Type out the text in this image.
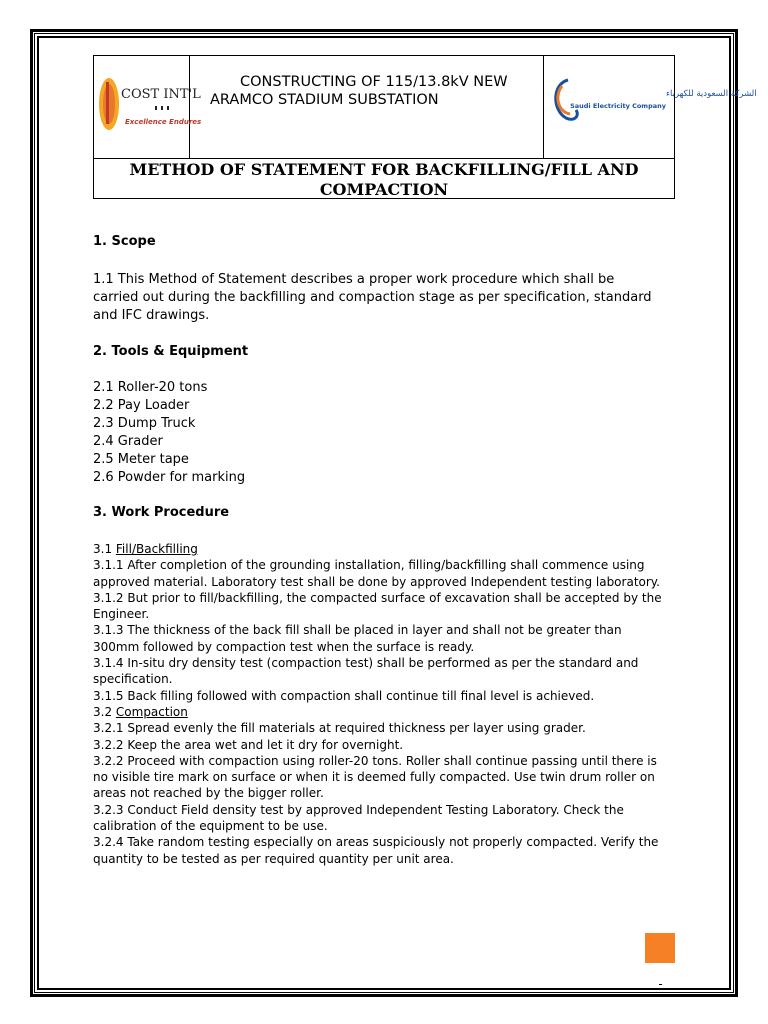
COST INT'L
Excellence Endures
CONSTRUCTING OF 115/13.8kV NEW
ARAMCO STADIUM SUBSTATION	الشركة السعودية للكهرباء
Saudi Electricity Company
METHOD OF STATEMENT FOR BACKFILLING/FILL AND
COMPACTION
1. Scope
1.1 This Method of Statement describes a proper work procedure which shall be carried out during the backfilling and compaction stage as per specification, standard and IFC drawings.
2. Tools & Equipment
2.1 Roller-20 tons
2.2 Pay Loader
2.3 Dump Truck
2.4 Grader
2.5 Meter tape
2.6 Powder for marking
3. Work Procedure
3.1 Fill/Backfilling
3.1.1 After completion of the grounding installation, filling/backfilling shall commence using approved material. Laboratory test shall be done by approved Independent testing laboratory.
3.1.2 But prior to fill/backfilling, the compacted surface of excavation shall be accepted by the Engineer.
3.1.3 The thickness of the back fill shall be placed in layer and shall not be greater than 300mm followed by compaction test when the surface is ready.
3.1.4 In-situ dry density test (compaction test) shall be performed as per the standard and specification.
3.1.5 Back filling followed with compaction shall continue till final level is achieved.
3.2 Compaction
3.2.1 Spread evenly the fill materials at required thickness per layer using grader.
3.2.2 Keep the area wet and let it dry for overnight.
3.2.2 Proceed with compaction using roller-20 tons. Roller shall continue passing until there is no visible tire mark on surface or when it is deemed fully compacted. Use twin drum roller on areas not reached by the bigger roller.
3.2.3 Conduct Field density test by approved Independent Testing Laboratory. Check the calibration of the equipment to be use.
3.2.4 Take random testing especially on areas suspiciously not properly compacted. Verify the quantity to be tested as per required quantity per unit area.
